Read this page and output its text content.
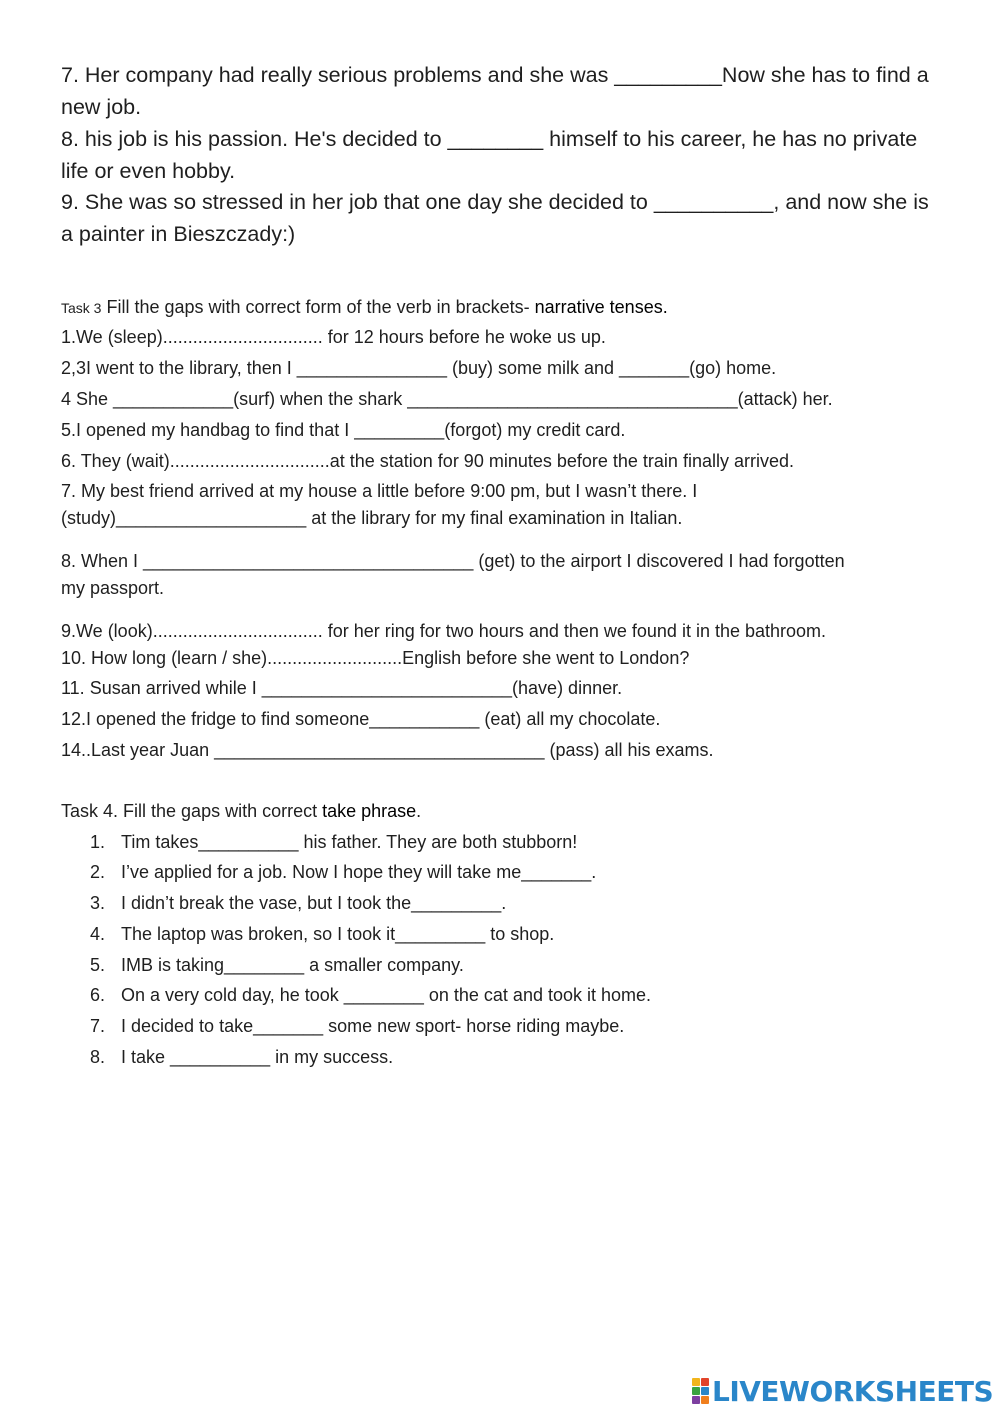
7. Her company had really serious problems and she was _________Now she has to find a new job.
8. his job is his passion. He's decided to ________ himself to his career, he has no private life or even hobby.
9. She was so stressed in her job that one day she decided to __________, and now she is a painter in Bieszczady:)
Task 3 Fill the gaps with correct form of the verb in brackets- narrative tenses.
1.We (sleep)................................ for 12 hours before he woke us up.
2,3I went to the library, then I _______________ (buy) some milk and _______(go) home.
4 She ____________(surf) when the shark _________________________________(attack) her.
5.I opened my handbag to find that I _________(forgot) my credit card.
6. They (wait)................................at the station for 90 minutes before the train finally arrived.
7. My best friend arrived at my house a little before 9:00 pm, but I wasn’t there. I
(study)___________________ at the library for my final examination in Italian.
8. When I _________________________________ (get) to the airport I discovered I had forgotten
my passport.
9.We (look).................................. for her ring for two hours and then we found it in the bathroom.
10. How long (learn / she)...........................English before she went to London?
11. Susan arrived while I _________________________(have) dinner.
12.I opened the fridge to find someone___________ (eat) all my chocolate.
14..Last year Juan _________________________________ (pass) all his exams.
Task 4. Fill the gaps with correct take phrase.
1. Tim takes__________ his father. They are both stubborn!
2. I’ve applied for a job. Now I hope they will take me_______.
3. I didn’t break the vase, but I took the_________.
4. The laptop was broken, so I took it_________ to shop.
5. IMB is taking________ a smaller company.
6. On a very cold day, he took ________ on the cat and took it home.
7. I decided to take_______ some new sport- horse riding maybe.
8. I take __________ in my success.
LIVEWORKSHEETS
